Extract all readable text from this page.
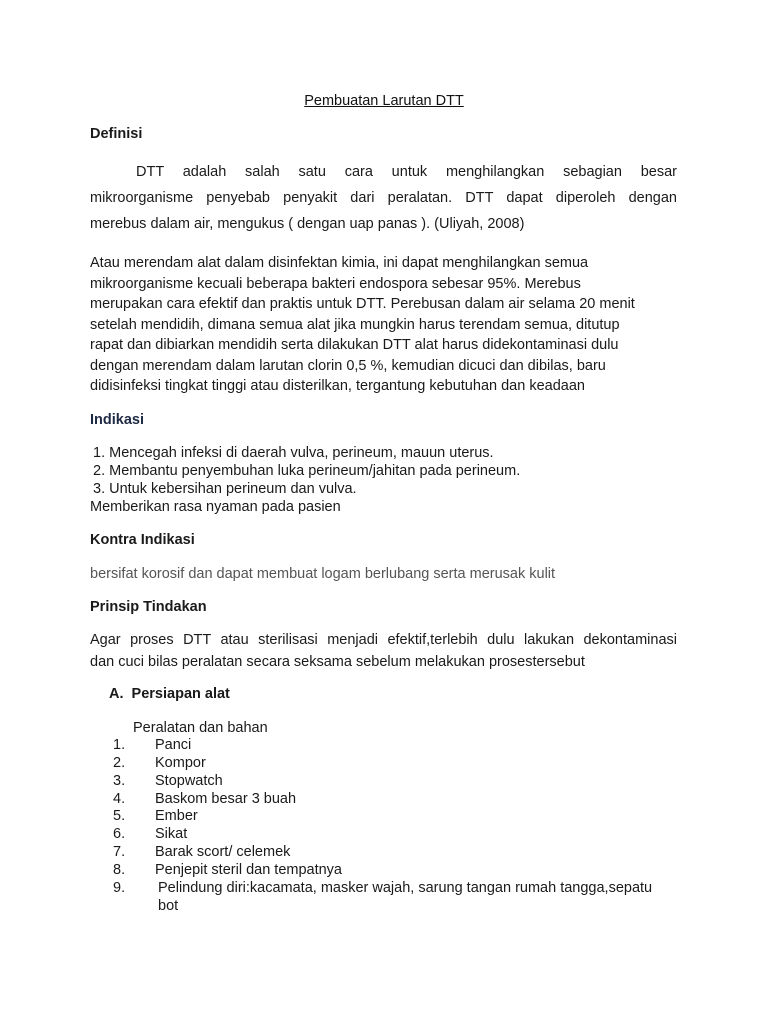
Pembuatan Larutan DTT
Definisi
DTT adalah salah satu cara untuk menghilangkan sebagian besar
mikroorganisme penyebab penyakit dari peralatan. DTT dapat diperoleh dengan
merebus dalam air, mengukus ( dengan uap panas ). (Uliyah, 2008)
Atau merendam alat dalam disinfektan kimia, ini dapat menghilangkan semua
mikroorganisme kecuali beberapa bakteri endospora sebesar 95%. Merebus
merupakan cara efektif dan praktis untuk DTT. Perebusan dalam air selama 20 menit
setelah mendidih, dimana semua alat jika mungkin harus terendam semua, ditutup
rapat dan dibiarkan mendidih serta dilakukan DTT alat harus didekontaminasi dulu
dengan merendam dalam larutan clorin 0,5 %, kemudian dicuci dan dibilas, baru
didisinfeksi tingkat tinggi atau disterilkan, tergantung kebutuhan dan keadaan
Indikasi
1. Mencegah infeksi di daerah vulva, perineum, mauun uterus.
2. Membantu penyembuhan luka perineum/jahitan pada perineum.
3. Untuk kebersihan perineum dan vulva.
Memberikan rasa nyaman pada pasien
Kontra Indikasi
bersifat korosif dan dapat membuat logam berlubang serta merusak kulit
Prinsip Tindakan
Agar proses DTT atau sterilisasi menjadi efektif,terlebih dulu lakukan dekontaminasi
dan cuci bilas peralatan secara seksama sebelum melakukan prosestersebut
A.  Persiapan alat
Peralatan dan bahan
1. Panci
2. Kompor
3. Stopwatch
4. Baskom besar 3 buah
5. Ember
6. Sikat
7. Barak scort/ celemek
8. Penjepit steril dan tempatnya
9. Pelindung diri:kacamata, masker wajah, sarung tangan rumah tangga,sepatu
bot
